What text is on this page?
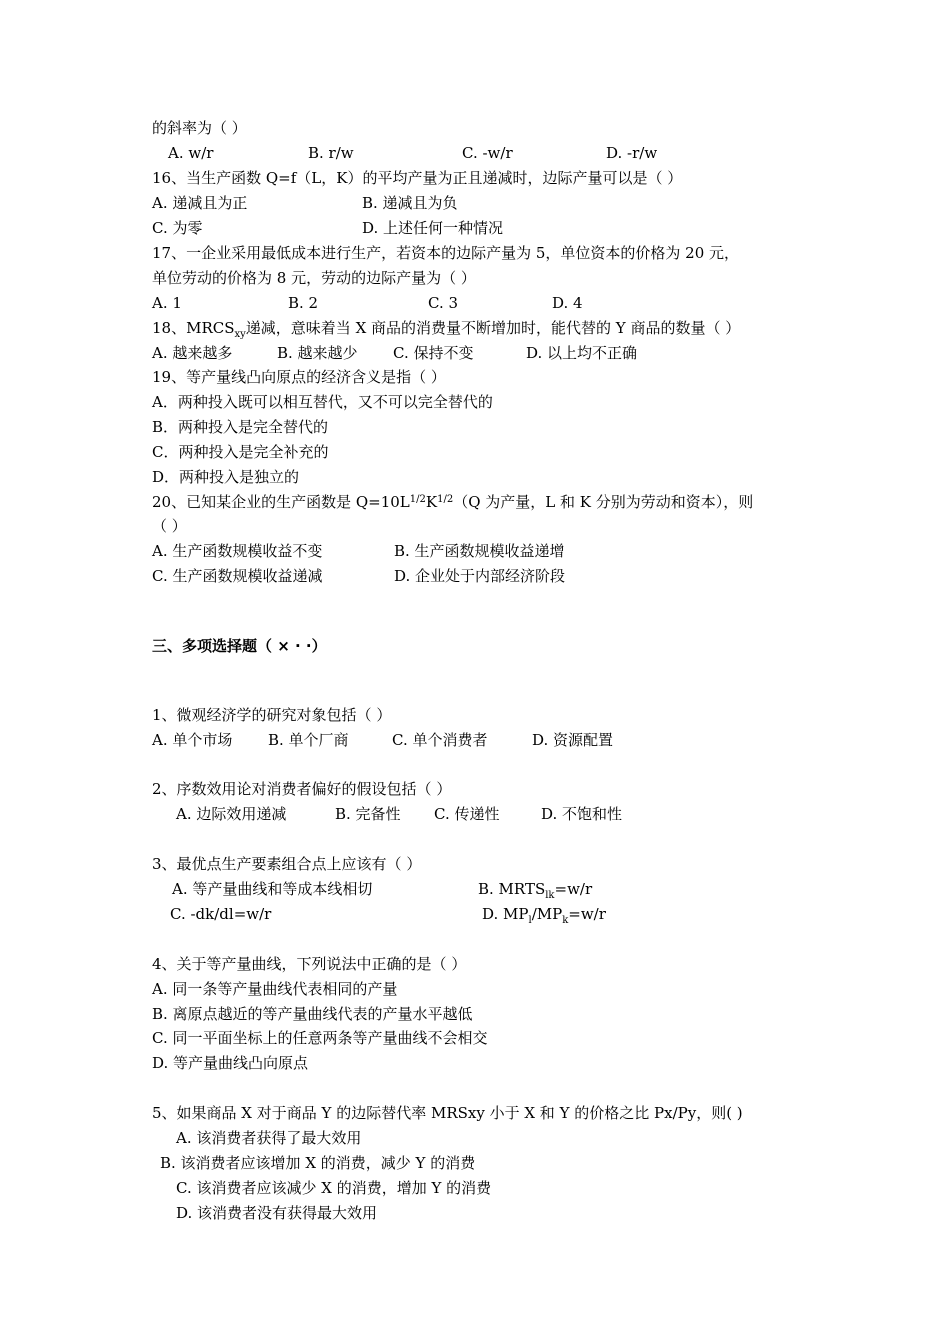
的斜率为（ ）
A. w/r	B. r/w	C. -w/r	D. -r/w
16、当生产函数 Q=f（L，K）的平均产量为正且递减时，边际产量可以是（ ）
A. 递减且为正	B. 递减且为负
C. 为零	D. 上述任何一种情况
17、一企业采用最低成本进行生产，若资本的边际产量为 5，单位资本的价格为 20 元，
单位劳动的价格为 8 元，劳动的边际产量为（ ）
A. 1	B. 2	C. 3	D. 4
18、$MRCS_{xy}$递减，意味着当 X 商品的消费量不断增加时，能代替的 Y 商品的数量（ ）
A. 越来越多	B. 越来越少 C. 保持不变	D. 以上均不正确
19、等产量线凸向原点的经济含义是指（ ）
A．两种投入既可以相互替代，又不可以完全替代的
B．两种投入是完全替代的
C．两种投入是完全补充的
D．两种投入是独立的
20、已知某企业的生产函数是 $Q=10L^{1/2}K^{1/2}(Q$ 为产量，L 和 K 分别为劳动和资本），则
（ ）
A. 生产函数规模收益不变	B. 生产函数规模收益递增
C. 生产函数规模收益递减	D. 企业处于内部经济阶段
三、多项选择题（ × · ·）
1、微观经济学的研究对象包括（ ）
A. 单个市场 B. 单个厂商	C. 单个消费者	D. 资源配置
2、序数效用论对消费者偏好的假设包括（ ）
A. 边际效用递减	B. 完备性 C. 传递性	D. 不饱和性
3、最优点生产要素组合点上应该有（ ）
A. 等产量曲线和等成本线相切	B. $MRTS_{lk}=w/r$
C. -dk/dl=w/r	D. $MP_l/MP_k=w/r$
4、关于等产量曲线，下列说法中正确的是（ ）
A. 同一条等产量曲线代表相同的产量
B. 离原点越近的等产量曲线代表的产量水平越低
C. 同一平面坐标上的任意两条等产量曲线不会相交
D. 等产量曲线凸向原点
5、如果商品 X 对于商品 Y 的边际替代率 MRSxy 小于 X 和 Y 的价格之比 Px/Py，则( )
A. 该消费者获得了最大效用
B. 该消费者应该增加 X 的消费，减少 Y 的消费
C. 该消费者应该减少 X 的消费，增加 Y 的消费
D. 该消费者没有获得最大效用
